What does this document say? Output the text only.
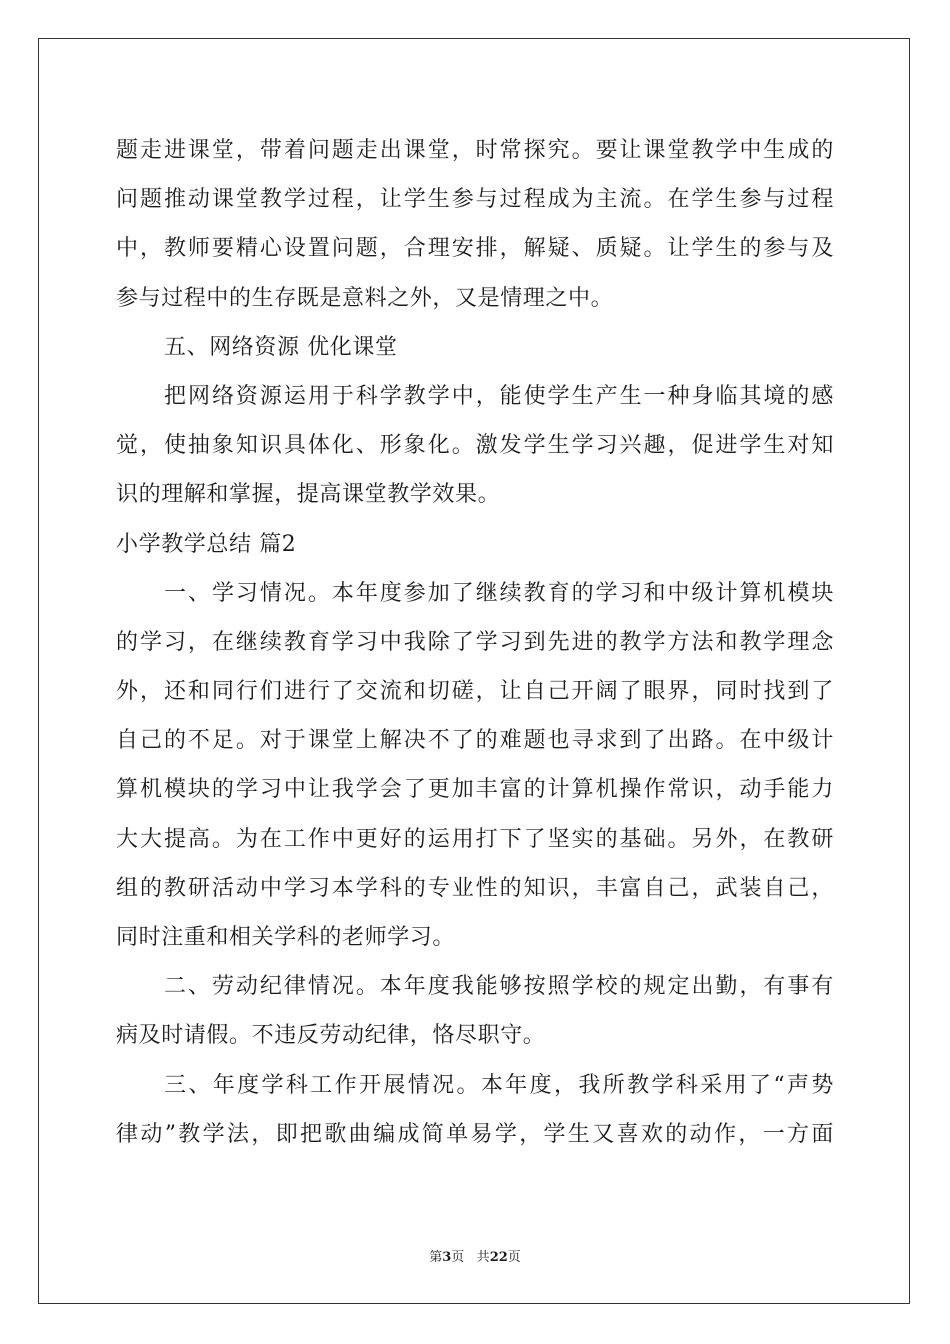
题走进课堂，带着问题走出课堂，时常探究。要让课堂教学中生成的
问题推动课堂教学过程，让学生参与过程成为主流。在学生参与过程
中，教师要精心设置问题，合理安排，解疑、质疑。让学生的参与及
参与过程中的生存既是意料之外，又是情理之中。
五、网络资源 优化课堂
把网络资源运用于科学教学中，能使学生产生一种身临其境的感
觉，使抽象知识具体化、形象化。激发学生学习兴趣，促进学生对知
识的理解和掌握，提高课堂教学效果。
小学教学总结 篇2
一、学习情况。本年度参加了继续教育的学习和中级计算机模块
的学习，在继续教育学习中我除了学习到先进的教学方法和教学理念
外，还和同行们进行了交流和切磋，让自己开阔了眼界，同时找到了
自己的不足。对于课堂上解决不了的难题也寻求到了出路。在中级计
算机模块的学习中让我学会了更加丰富的计算机操作常识，动手能力
大大提高。为在工作中更好的运用打下了坚实的基础。另外，在教研
组的教研活动中学习本学科的专业性的知识，丰富自己，武装自己，
同时注重和相关学科的老师学习。
二、劳动纪律情况。本年度我能够按照学校的规定出勤，有事有
病及时请假。不违反劳动纪律，恪尽职守。
三、年度学科工作开展情况。本年度，我所教学科采用了“声势
律动”教学法，即把歌曲编成简单易学，学生又喜欢的动作，一方面
第3页 共22页
